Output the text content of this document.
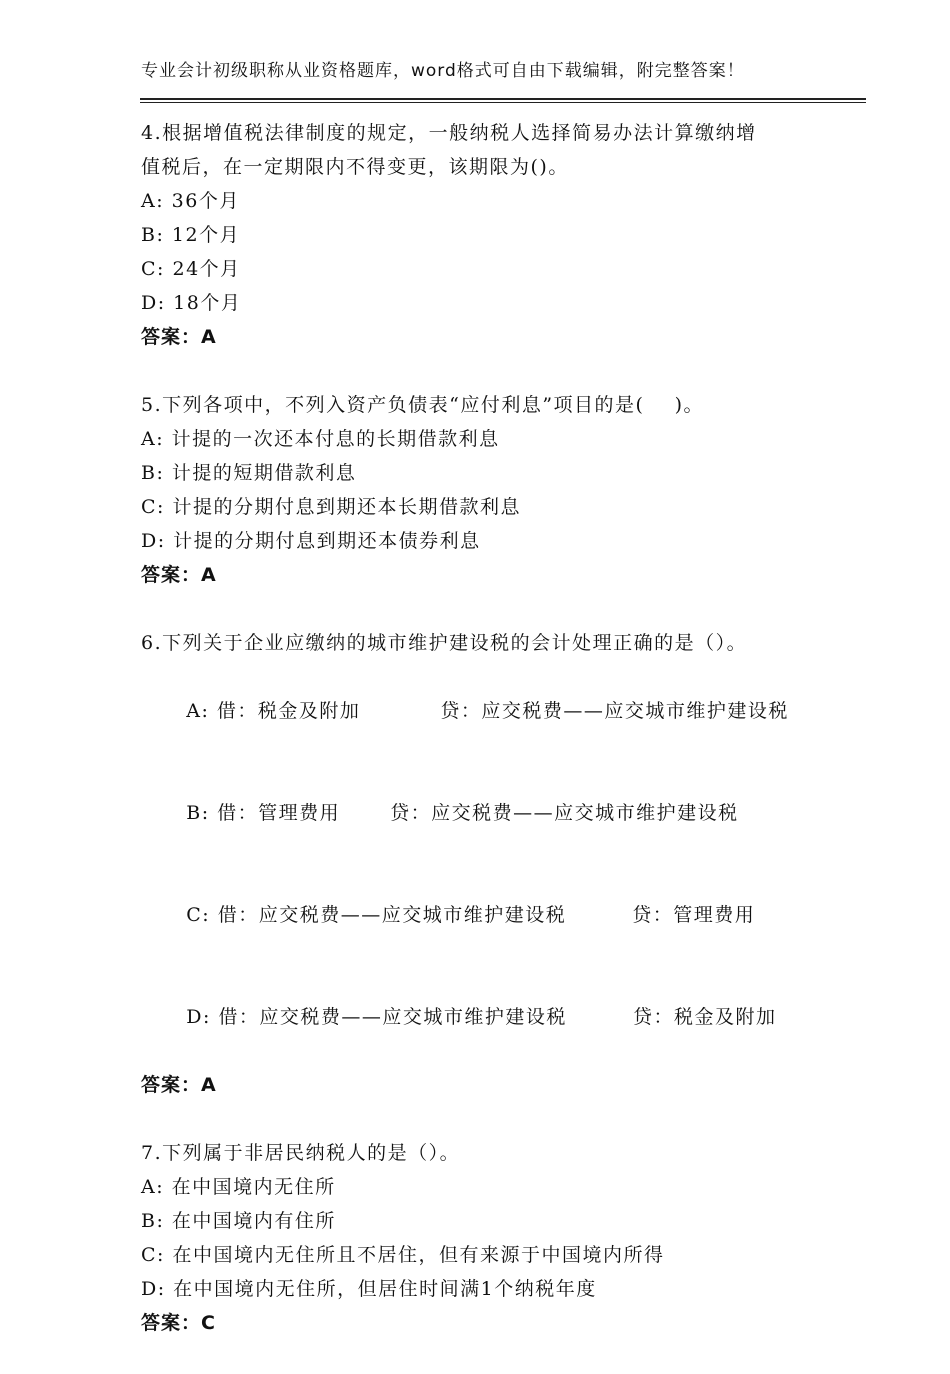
专业会计初级职称从业资格题库，word格式可自由下载编辑，附完整答案！
4.根据增值税法律制度的规定，一般纳税人选择简易办法计算缴纳增
值税后，在一定期限内不得变更，该期限为()。
A: 36个月
B: 12个月
C: 24个月
D: 18个月
答案：A
5.下列各项中，不列入资产负债表“应付利息”项目的是(    )。
A: 计提的一次还本付息的长期借款利息
B: 计提的短期借款利息
C: 计提的分期付息到期还本长期借款利息
D: 计提的分期付息到期还本债券利息
答案：A
6.下列关于企业应缴纳的城市维护建设税的会计处理正确的是（）。

A: 借：税金及附加	贷：应交税费——应交城市维护建设税

B: 借：管理费用	贷：应交税费——应交城市维护建设税

C: 借：应交税费——应交城市维护建设税	贷：管理费用

D: 借：应交税费——应交城市维护建设税	贷：税金及附加

答案：A
7.下列属于非居民纳税人的是（）。
A: 在中国境内无住所
B: 在中国境内有住所
C: 在中国境内无住所且不居住，但有来源于中国境内所得
D: 在中国境内无住所，但居住时间满1个纳税年度
答案：C
